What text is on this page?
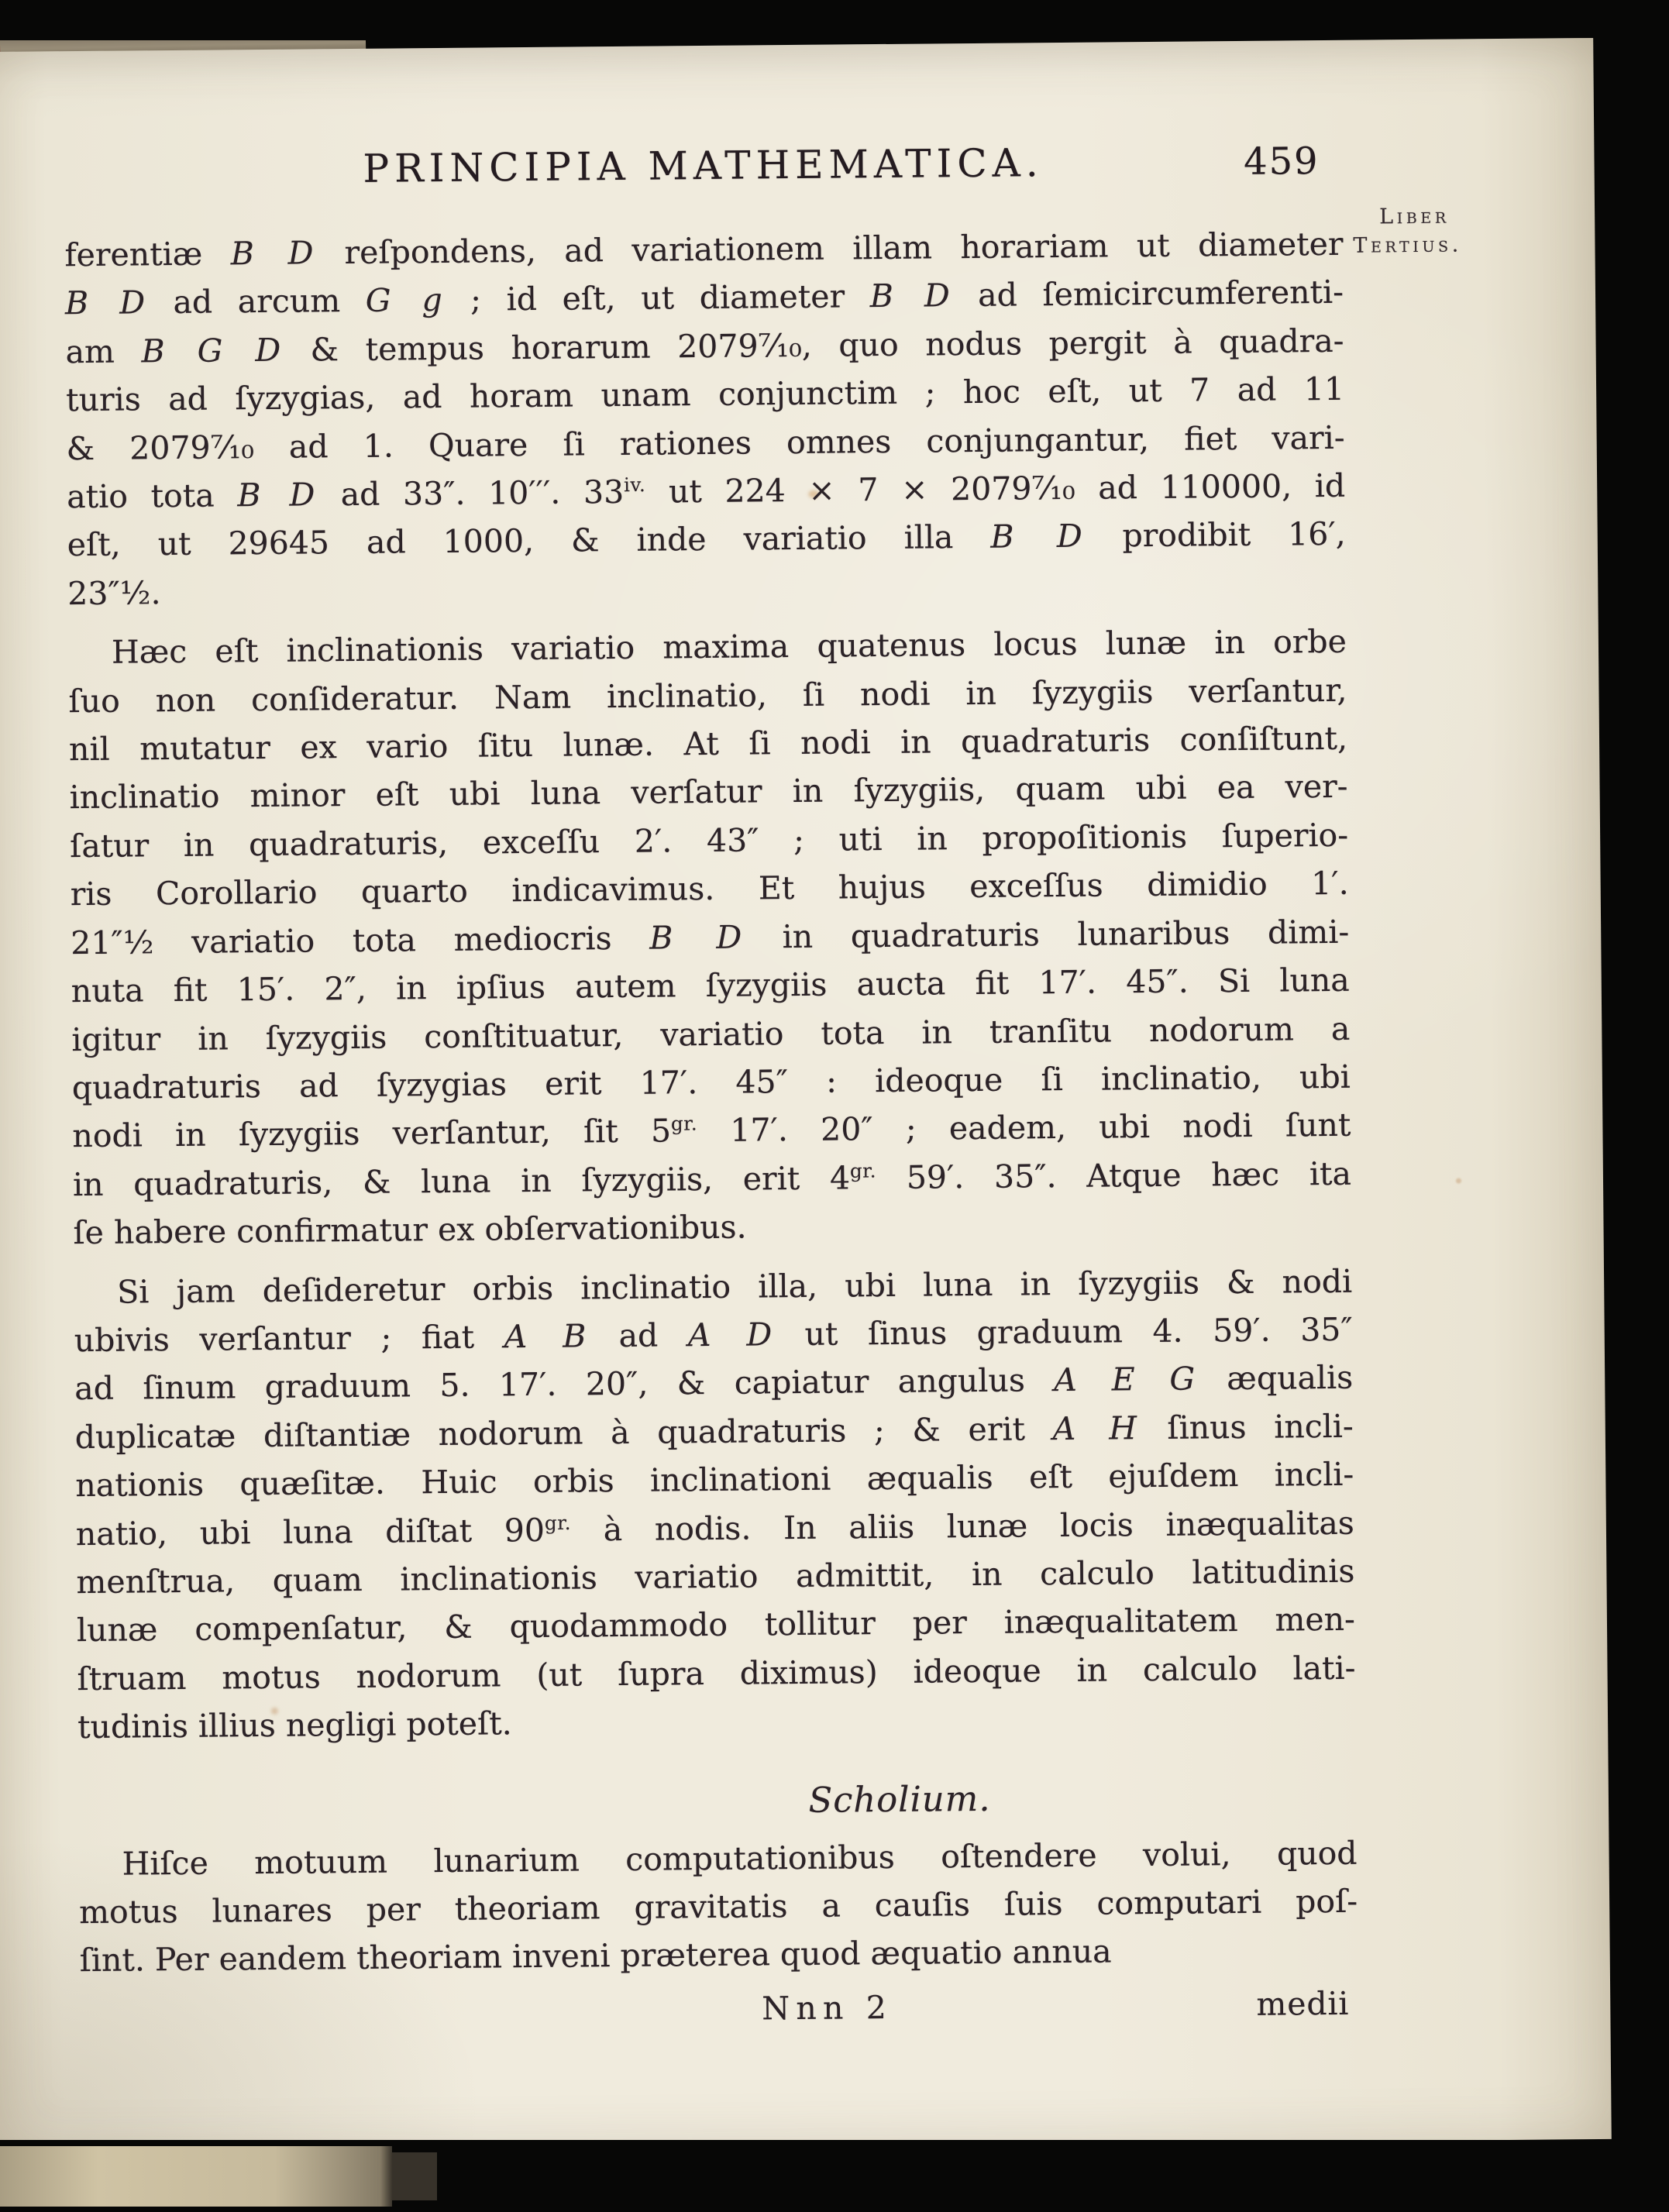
Liber
Tertius.
PRINCIPIA MATHEMATICA.	459
ferentiæ B D reſpondens, ad variationem illam horariam ut diameter
B D ad arcum G g ; id eſt, ut diameter B D ad ſemicircumferenti-
am B G D & tempus horarum 2079⁷⁄₁₀, quo nodus pergit à quadra-
turis ad ſyzygias, ad horam unam conjunctim ; hoc eſt, ut 7 ad 11
& 2079⁷⁄₁₀ ad 1. Quare ſi rationes omnes conjungantur, fiet vari-
atio tota B D ad 33″. 10′′′. $33^{iv.}$ ut 224 × 7 × 2079⁷⁄₁₀ ad 110000, id
eſt, ut 29645 ad 1000, & inde variatio illa B D prodibit 16′,
23″½.
Hæc eſt inclinationis variatio maxima quatenus locus lunæ in orbe
ſuo non conſideratur. Nam inclinatio, ſi nodi in ſyzygiis verſantur,
nil mutatur ex vario ſitu lunæ. At ſi nodi in quadraturis conſiſtunt,
inclinatio minor eſt ubi luna verſatur in ſyzygiis, quam ubi ea ver-
ſatur in quadraturis, exceſſu 2′. 43″ ; uti in propoſitionis ſuperio-
ris Corollario quarto indicavimus. Et hujus exceſſus dimidio 1′.
21″½ variatio tota mediocris B D in quadraturis lunaribus dimi-
nuta fit 15′. 2″, in ipſius autem ſyzygiis aucta fit 17′. 45″. Si luna
igitur in ſyzygiis conſtituatur, variatio tota in tranſitu nodorum a
quadraturis ad ſyzygias erit 17′. 45″ : ideoque ſi inclinatio, ubi
nodi in ſyzygiis verſantur, ſit $5^{gr.}$ 17′. 20″ ; eadem, ubi nodi ſunt
in quadraturis, & luna in ſyzygiis, erit $4^{gr.}$ 59′. 35″. Atque hæc ita
ſe habere confirmatur ex obſervationibus.
Si jam deſideretur orbis inclinatio illa, ubi luna in ſyzygiis & nodi
ubivis verſantur ; fiat A B ad A D ut ſinus graduum 4. 59′. 35″
ad ſinum graduum 5. 17′. 20″, & capiatur angulus A E G æqualis
duplicatæ diſtantiæ nodorum à quadraturis ; & erit A H ſinus incli-
nationis quæſitæ. Huic orbis inclinationi æqualis eſt ejuſdem incli-
natio, ubi luna diſtat $90^{gr.}$ à nodis. In aliis lunæ locis inæqualitas
menſtrua, quam inclinationis variatio admittit, in calculo latitudinis
lunæ compenſatur, & quodammodo tollitur per inæqualitatem men-
ſtruam motus nodorum (ut ſupra diximus) ideoque in calculo lati-
tudinis illius negligi poteſt.
Scholium.
Hiſce motuum lunarium computationibus oſtendere volui, quod
motus lunares per theoriam gravitatis a cauſis ſuis computari poſ-
ſint. Per eandem theoriam inveni præterea quod æquatio annua
Nnn 2	medii
